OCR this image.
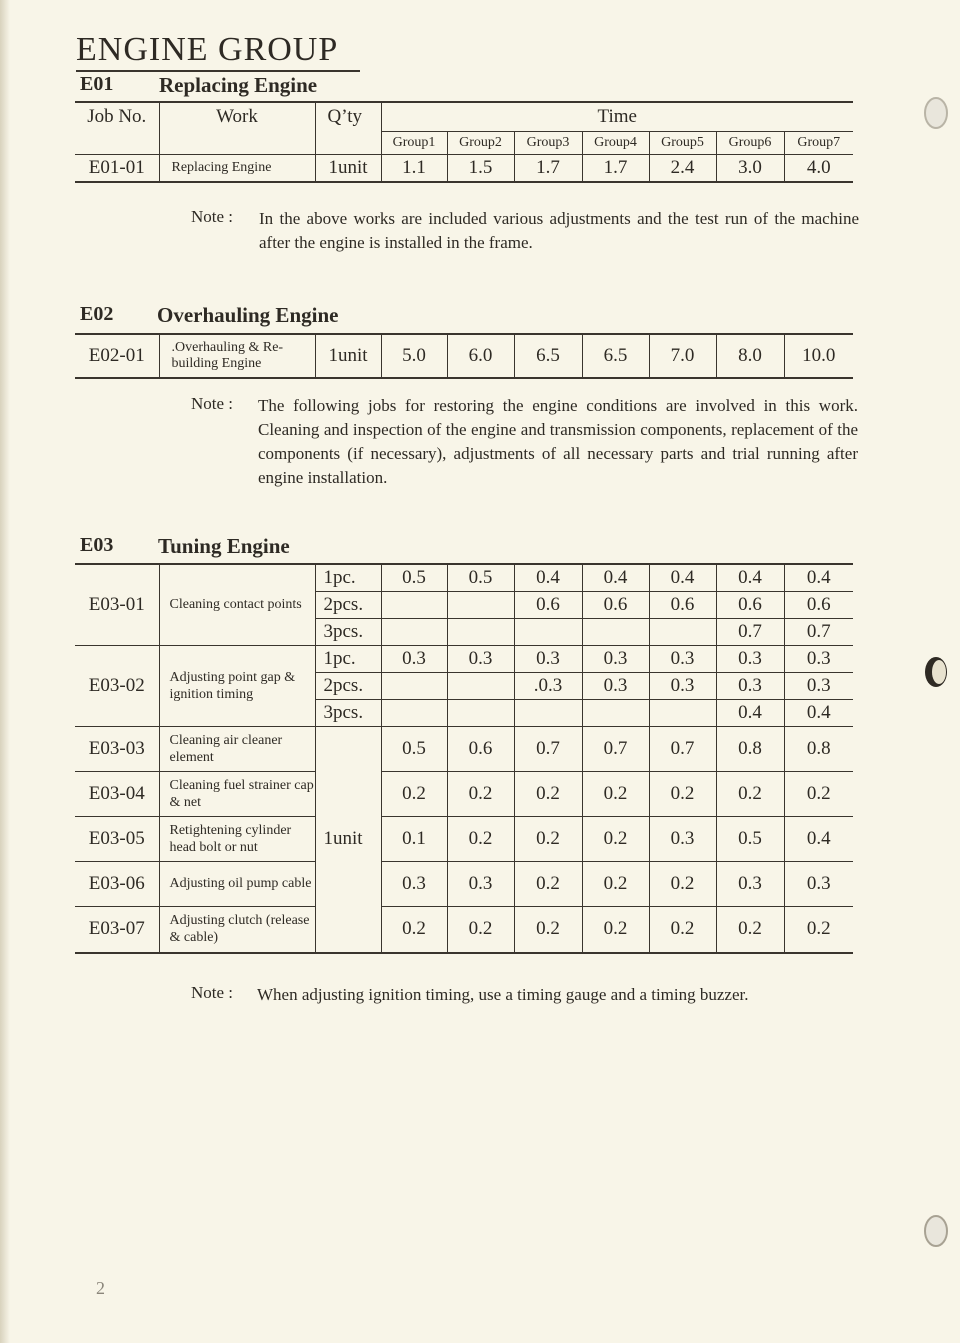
ENGINE GROUP
E01 Replacing Engine
Job No.	Work	Q’ty	Time						
			Group1	Group2	Group3	Group4	Group5	Group6	Group7
E01-01	Replacing Engine	1unit	1.1	1.5	1.7	1.7	2.4	3.0	4.0
Note : In the above works are included various adjustments and the test run of the machine after the engine is installed in the frame.
E02 Overhauling Engine
E02-01	.Overhauling & Re-building Engine	1unit	5.0	6.0	6.5	6.5	7.0	8.0	10.0
Note : The following jobs for restoring the engine conditions are involved in this work. Cleaning and inspection of the engine and transmission components, replacement of the components (if necessary), adjustments of all necessary parts and trial running after engine installation.
E03 Tuning Engine
E03-01	Cleaning contact points	1pc.	0.5	0.5	0.4	0.4	0.4	0.4	0.4
		2pcs.			0.6	0.6	0.6	0.6	0.6
		3pcs.						0.7	0.7
E03-02	Adjusting point gap & ignition timing	1pc.	0.3	0.3	0.3	0.3	0.3	0.3	0.3
		2pcs.			.0.3	0.3	0.3	0.3	0.3
		3pcs.						0.4	0.4
E03-03	Cleaning air cleaner element	1unit	0.5	0.6	0.7	0.7	0.7	0.8	0.8
E03-04	Cleaning fuel strainer cap & net		0.2	0.2	0.2	0.2	0.2	0.2	0.2
E03-05	Retightening cylinder head bolt or nut		0.1	0.2	0.2	0.2	0.3	0.5	0.4
E03-06	Adjusting oil pump cable		0.3	0.3	0.2	0.2	0.2	0.3	0.3
E03-07	Adjusting clutch (release & cable)		0.2	0.2	0.2	0.2	0.2	0.2	0.2
Note : When adjusting ignition timing, use a timing gauge and a timing buzzer.
2
